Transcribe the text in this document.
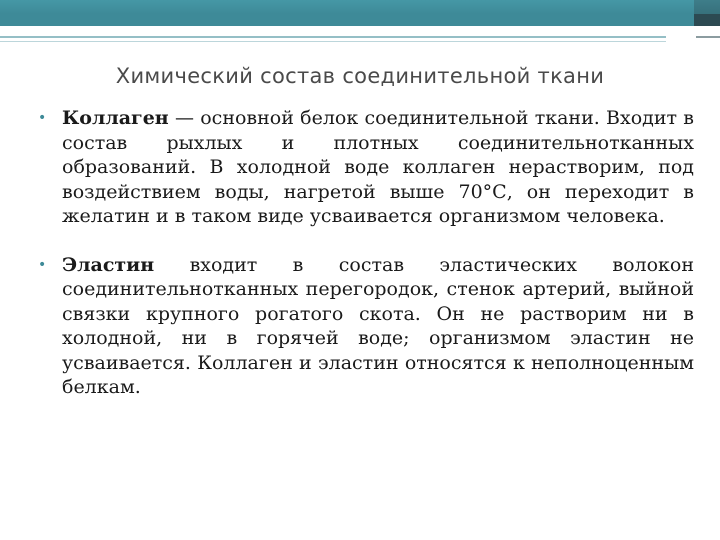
Химический состав соединительной ткани

• Коллаген — основной белок соединительной ткани. Входит в состав рыхлых и плотных соединительнотканных образований. В холодной воде коллаген нерастворим, под воздействием воды, нагретой выше 70°С, он переходит в желатин и в таком виде усваивается организмом человека.

• Эластин входит в состав эластических волокон соединительнотканных перегородок, стенок артерий, выйной связки крупного рогатого скота. Он не растворим ни в холодной, ни в горячей воде; организмом эластин не усваивается. Коллаген и эластин относятся к неполноценным белкам.
